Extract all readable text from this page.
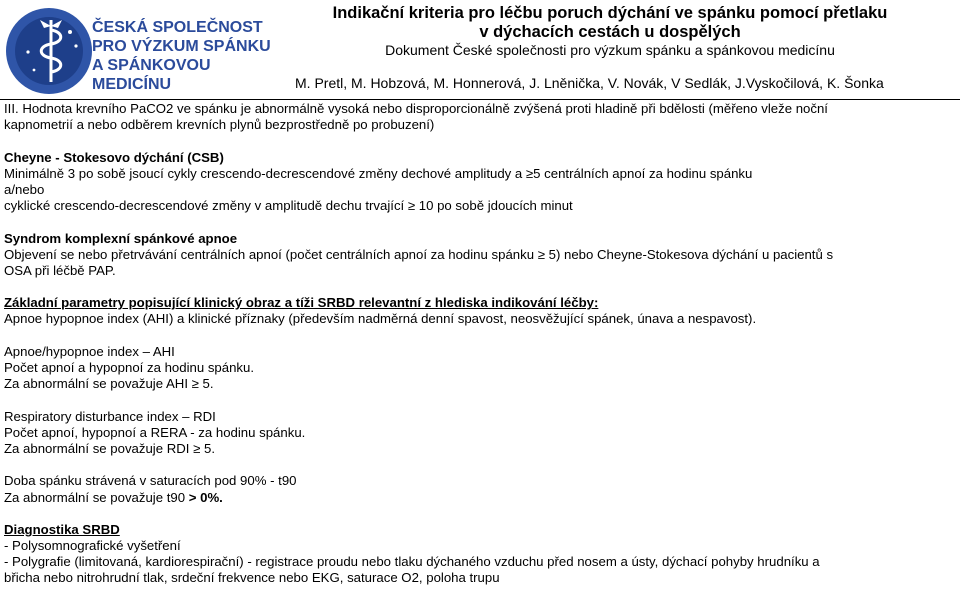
ČESKÁ SPOLEČNOST
PRO VÝZKUM SPÁNKU
A SPÁNKOVOU
MEDICÍNU
Indikační kriteria pro léčbu poruch dýchání ve spánku pomocí přetlaku
v dýchacích cestách u dospělých
Dokument České společnosti pro výzkum spánku a spánkovou medicínu
M. Pretl, M. Hobzová, M. Honnerová, J. Lněnička, V. Novák, V Sedlák, J.Vyskočilová, K. Šonka
III. Hodnota krevního PaCO2 ve spánku je abnormálně vysoká nebo disproporcionálně zvýšená proti hladině při bdělosti (měřeno vleže noční
kapnometrií a nebo odběrem krevních plynů bezprostředně po probuzení)
Cheyne - Stokesovo dýchání (CSB)
Minimálně 3 po sobě jsoucí cykly crescendo-decrescendové změny dechové amplitudy a ≥5 centrálních apnoí za hodinu spánku
a/nebo
cyklické crescendo-decrescendové změny v amplitudě dechu trvající ≥ 10 po sobě jdoucích minut
Syndrom komplexní spánkové apnoe
Objevení se nebo přetrvávání centrálních apnoí (počet centrálních apnoí za hodinu spánku ≥ 5) nebo Cheyne-Stokesova dýchání u pacientů s
OSA při léčbě PAP.
Základní parametry popisující klinický obraz a tíži SRBD relevantní z hlediska indikování léčby:
Apnoe hypopnoe index (AHI) a klinické příznaky (především nadměrná denní spavost, neosvěžující spánek, únava a nespavost).
Apnoe/hypopnoe index – AHI
Počet apnoí a hypopnoí za hodinu spánku.
Za abnormální se považuje AHI ≥ 5.
Respiratory disturbance index – RDI
Počet apnoí, hypopnoí a RERA - za hodinu spánku.
Za abnormální se považuje RDI ≥ 5.
Doba spánku strávená v saturacích pod 90% - t90
Za abnormální se považuje t90 > 0%.
Diagnostika SRBD
- Polysomnografické vyšetření
- Polygrafie (limitovaná, kardiorespirační) - registrace proudu nebo tlaku dýchaného vzduchu před nosem a ústy, dýchací pohyby hrudníku a
břicha nebo nitrohrudní tlak, srdeční frekvence nebo EKG, saturace O2, poloha trupu
